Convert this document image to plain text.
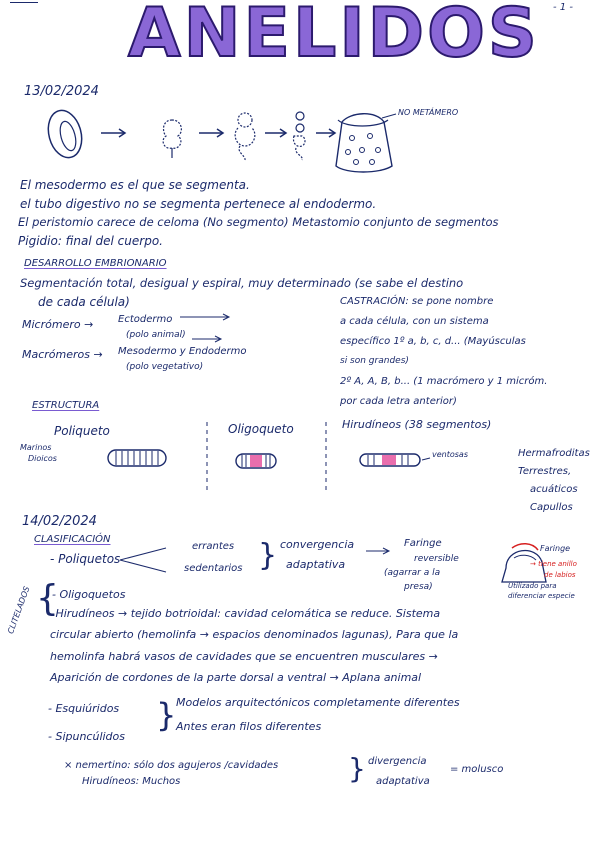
- 1 -
ANELIDOS
13/02/2024
NO METÁMERO
El mesodermo es el que se segmenta.
el tubo digestivo no se segmenta pertenece al endodermo.
El peristomio carece de celoma (No segmento) Metastomio conjunto de segmentos
Pigidio: final del cuerpo.
DESARROLLO EMBRIONARIO
Segmentación total, desigual y espiral, muy determinado (se sabe el destino
de cada célula)
Micrómero → Ectodermo
(polo animal)
Macrómeros → Mesodermo y Endodermo
(polo vegetativo)
CASTRACIÓN: se pone nombre
a cada célula, con un sistema
específico 1º a, b, c, d... (Mayúsculas
si son grandes)
2º A, A, B, b... (1 macrómero y 1 micróm.
por cada letra anterior)
ESTRUCTURA
Poliqueto
Marinos
Dioicos
Oligoqueto	Hirudíneos (38 segmentos)
ventosas	Hermafroditas
Terrestres,
acuáticos
Capullos
14/02/2024
CLASIFICACIÓN
CLITELADOS
- Poliquetos
errantes
sedentarios } convergencia
adaptativa
Faringe
reversible
(agarrar a la
presa)
Faringe
→ tiene anillo
de labios
Utilizado para
diferenciar especie
{
- Oligoquetos
- Hirudíneos → tejido botrioidal: cavidad celomática se reduce. Sistema
circular abierto (hemolinfa → espacios denominados lagunas), Para que la
hemolinfa habrá vasos de cavidades que se encuentren musculares →
Aparición de cordones de la parte dorsal a ventral → Aplana animal
- Esquiúridos
- Sipuncúlidos
} Modelos arquitectónicos completamente diferentes
Antes eran filos diferentes
× nemertino: sólo dos agujeros /cavidades
Hirudíneos: Muchos	} divergencia
adaptativa
= molusco
